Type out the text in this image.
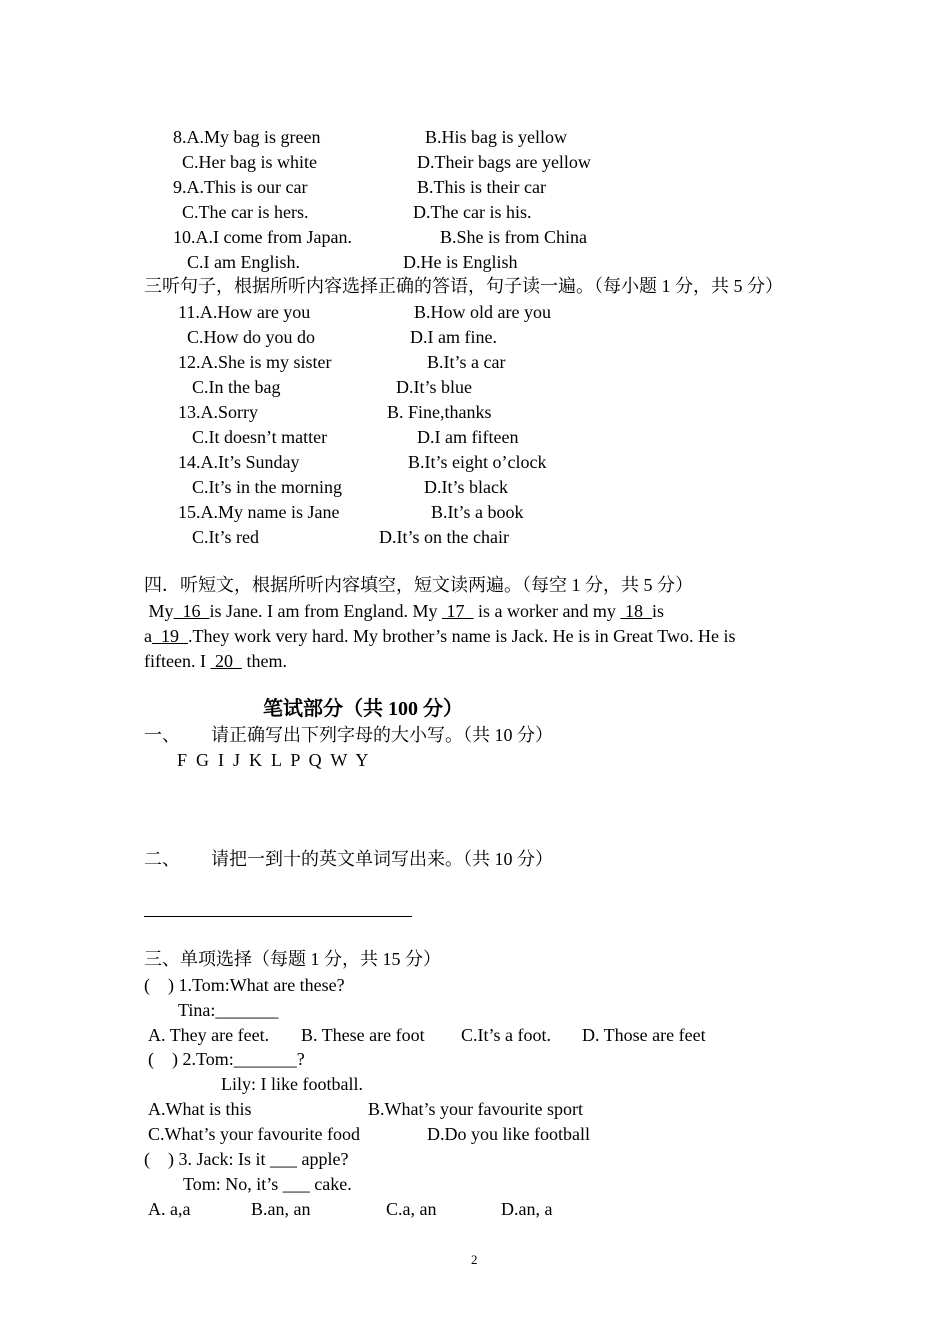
8.A.My bag is green	B.His bag is yellow
C.Her bag is white	D.Their bags are yellow
9.A.This is our car	B.This is their car
C.The car is hers.	D.The car is his.
10.A.I come from Japan.	B.She is from China
C.I am English.	D.He is English
三听句子，根据所听内容选择正确的答语，句子读一遍。（每小题 1 分，共 5 分）
11.A.How are you	B.How old are you
C.How do you do	D.I am fine.
12.A.She is my sister	B.It’s a car
C.In the bag	D.It’s blue
13.A.Sorry	B. Fine,thanks
C.It doesn’t matter	D.I am fifteen
14.A.It’s Sunday	B.It’s eight o’clock
C.It’s in the morning	D.It’s black
15.A.My name is Jane	B.It’s a book
C.It’s red	D.It’s on the chair
四．听短文，根据所听内容填空，短文读两遍。（每空 1 分，共 5 分）
My  16  is Jane. I am from England. My  17   is a worker and my  18  is
a  19  .They work very hard. My brother’s name is Jack. He is in Great Two. He is
fifteen. I  20   them.
笔试部分（共 100 分）
一、 请正确写出下列字母的大小写。（共 10 分）
F  G  I  J  K  L  P  Q  W  Y
二、 请把一到十的英文单词写出来。（共 10 分）
三、单项选择（每题 1 分，共 15 分）
(    ) 1.Tom:What are these?
Tina:_______
A. They are feet. B. These are foot C.It’s a foot. D. Those are feet
(    ) 2.Tom:_______?
Lily: I like football.
A.What is this	B.What’s your favourite sport
C.What’s your favourite food	D.Do you like football
(    ) 3. Jack: Is it ___ apple?
Tom: No, it’s ___ cake.
A. a,a	B.an, an	C.a, an	D.an, a
2
